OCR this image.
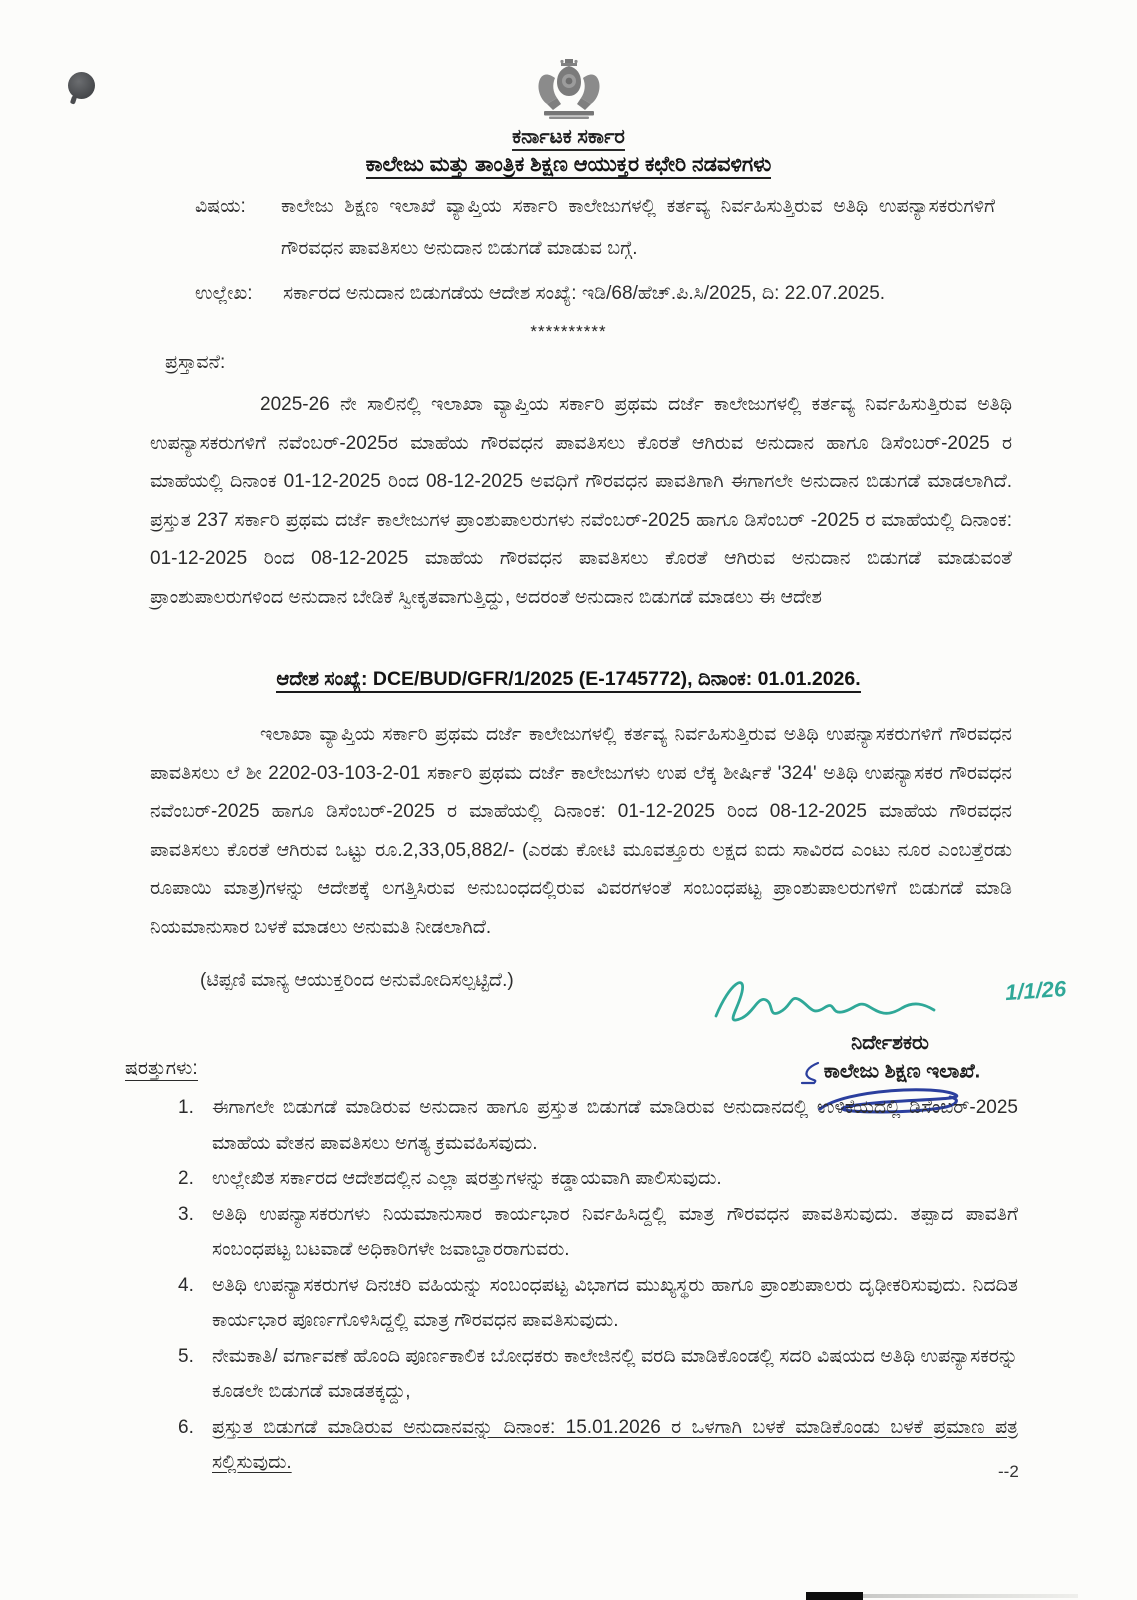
ಕರ್ನಾಟಕ ಸರ್ಕಾರ
ಕಾಲೇಜು ಮತ್ತು ತಾಂತ್ರಿಕ ಶಿಕ್ಷಣ ಆಯುಕ್ತರ ಕಛೇರಿ ನಡವಳಿಗಳು
ವಿಷಯ:	ಕಾಲೇಜು ಶಿಕ್ಷಣ ಇಲಾಖೆ ವ್ಯಾಪ್ತಿಯ ಸರ್ಕಾರಿ ಕಾಲೇಜುಗಳಲ್ಲಿ ಕರ್ತವ್ಯ ನಿರ್ವಹಿಸುತ್ತಿರುವ ಅತಿಥಿ ಉಪನ್ಯಾಸಕರುಗಳಿಗೆ ಗೌರವಧನ ಪಾವತಿಸಲು ಅನುದಾನ ಬಿಡುಗಡೆ ಮಾಡುವ ಬಗ್ಗೆ.
ಉಲ್ಲೇಖ:	ಸರ್ಕಾರದ ಅನುದಾನ ಬಿಡುಗಡೆಯ ಆದೇಶ ಸಂಖ್ಯೆ: ಇಡಿ/68/ಹೆಚ್.ಪಿ.ಸಿ/2025, ದಿ: 22.07.2025.
**********
ಪ್ರಸ್ತಾವನೆ:
2025-26 ನೇ ಸಾಲಿನಲ್ಲಿ ಇಲಾಖಾ ವ್ಯಾಪ್ತಿಯ ಸರ್ಕಾರಿ ಪ್ರಥಮ ದರ್ಜೆ ಕಾಲೇಜುಗಳಲ್ಲಿ ಕರ್ತವ್ಯ ನಿರ್ವಹಿಸುತ್ತಿರುವ ಅತಿಥಿ ಉಪನ್ಯಾಸಕರುಗಳಿಗೆ ನವೆಂಬರ್-2025ರ ಮಾಹೆಯ ಗೌರವಧನ ಪಾವತಿಸಲು ಕೊರತೆ ಆಗಿರುವ ಅನುದಾನ ಹಾಗೂ ಡಿಸೆಂಬರ್-2025 ರ ಮಾಹೆಯಲ್ಲಿ ದಿನಾಂಕ 01-12-2025 ರಿಂದ 08-12-2025 ಅವಧಿಗೆ ಗೌರವಧನ ಪಾವತಿಗಾಗಿ ಈಗಾಗಲೇ ಅನುದಾನ ಬಿಡುಗಡೆ ಮಾಡಲಾಗಿದೆ. ಪ್ರಸ್ತುತ 237 ಸರ್ಕಾರಿ ಪ್ರಥಮ ದರ್ಜೆ ಕಾಲೇಜುಗಳ ಪ್ರಾಂಶುಪಾಲರುಗಳು ನವೆಂಬರ್-2025 ಹಾಗೂ ಡಿಸೆಂಬರ್ -2025 ರ ಮಾಹೆಯಲ್ಲಿ ದಿನಾಂಕ: 01-12-2025 ರಿಂದ 08-12-2025 ಮಾಹೆಯ ಗೌರವಧನ ಪಾವತಿಸಲು ಕೊರತೆ ಆಗಿರುವ ಅನುದಾನ ಬಿಡುಗಡೆ ಮಾಡುವಂತೆ ಪ್ರಾಂಶುಪಾಲರುಗಳಿಂದ ಅನುದಾನ ಬೇಡಿಕೆ ಸ್ವೀಕೃತವಾಗುತ್ತಿದ್ದು, ಅದರಂತೆ ಅನುದಾನ ಬಿಡುಗಡೆ ಮಾಡಲು ಈ ಆದೇಶ
ಆದೇಶ ಸಂಖ್ಯೆ: DCE/BUD/GFR/1/2025 (E-1745772), ದಿನಾಂಕ: 01.01.2026.
ಇಲಾಖಾ ವ್ಯಾಪ್ತಿಯ ಸರ್ಕಾರಿ ಪ್ರಥಮ ದರ್ಜೆ ಕಾಲೇಜುಗಳಲ್ಲಿ ಕರ್ತವ್ಯ ನಿರ್ವಹಿಸುತ್ತಿರುವ ಅತಿಥಿ ಉಪನ್ಯಾಸಕರುಗಳಿಗೆ ಗೌರವಧನ ಪಾವತಿಸಲು ಲೆ ಶೀ 2202-03-103-2-01 ಸರ್ಕಾರಿ ಪ್ರಥಮ ದರ್ಜೆ ಕಾಲೇಜುಗಳು ಉಪ ಲೆಕ್ಕ ಶೀರ್ಷಿಕೆ '324' ಅತಿಥಿ ಉಪನ್ಯಾಸಕರ ಗೌರವಧನ ನವೆಂಬರ್-2025 ಹಾಗೂ ಡಿಸೆಂಬರ್-2025 ರ ಮಾಹೆಯಲ್ಲಿ ದಿನಾಂಕ: 01-12-2025 ರಿಂದ 08-12-2025 ಮಾಹೆಯ ಗೌರವಧನ ಪಾವತಿಸಲು ಕೊರತೆ ಆಗಿರುವ ಒಟ್ಟು ರೂ.2,33,05,882/- (ಎರಡು ಕೋಟಿ ಮೂವತ್ತೂರು ಲಕ್ಷದ ಐದು ಸಾವಿರದ ಎಂಟು ನೂರ ಎಂಬತ್ತೆರಡು ರೂಪಾಯಿ ಮಾತ್ರ)ಗಳನ್ನು ಆದೇಶಕ್ಕೆ ಲಗತ್ತಿಸಿರುವ ಅನುಬಂಧದಲ್ಲಿರುವ ವಿವರಗಳಂತೆ ಸಂಬಂಧಪಟ್ಟ ಪ್ರಾಂಶುಪಾಲರುಗಳಿಗೆ ಬಿಡುಗಡೆ ಮಾಡಿ ನಿಯಮಾನುಸಾರ ಬಳಕೆ ಮಾಡಲು ಅನುಮತಿ ನೀಡಲಾಗಿದೆ.
(ಟಿಪ್ಪಣಿ ಮಾನ್ಯ ಆಯುಕ್ತರಿಂದ ಅನುಮೋದಿಸಲ್ಪಟ್ಟಿದೆ.)	1/1/26
ನಿರ್ದೇಶಕರು
ಕಾಲೇಜು ಶಿಕ್ಷಣ ಇಲಾಖೆ.
ಷರತ್ತುಗಳು:
1. ಈಗಾಗಲೇ ಬಿಡುಗಡೆ ಮಾಡಿರುವ ಅನುದಾನ ಹಾಗೂ ಪ್ರಸ್ತುತ ಬಿಡುಗಡೆ ಮಾಡಿರುವ ಅನುದಾನದಲ್ಲಿ ಉಳಿಕೆಯದಲ್ಲಿ ಡಿಸೆಂಬರ್-2025 ಮಾಹೆಯ ವೇತನ ಪಾವತಿಸಲು ಅಗತ್ಯ ಕ್ರಮವಹಿಸವುದು.
2. ಉಲ್ಲೇಖಿತ ಸರ್ಕಾರದ ಆದೇಶದಲ್ಲಿನ ಎಲ್ಲಾ ಷರತ್ತುಗಳನ್ನು ಕಡ್ಡಾಯವಾಗಿ ಪಾಲಿಸುವುದು.
3. ಅತಿಥಿ ಉಪನ್ಯಾಸಕರುಗಳು ನಿಯಮಾನುಸಾರ ಕಾರ್ಯಭಾರ ನಿರ್ವಹಿಸಿದ್ದಲ್ಲಿ ಮಾತ್ರ ಗೌರವಧನ ಪಾವತಿಸುವುದು. ತಪ್ಪಾದ ಪಾವತಿಗೆ ಸಂಬಂಧಪಟ್ಟ ಬಟವಾಡೆ ಅಧಿಕಾರಿಗಳೇ ಜವಾಬ್ದಾರರಾಗುವರು.
4. ಅತಿಥಿ ಉಪನ್ಯಾಸಕರುಗಳ ದಿನಚರಿ ವಹಿಯನ್ನು ಸಂಬಂಧಪಟ್ಟ ವಿಭಾಗದ ಮುಖ್ಯಸ್ಥರು ಹಾಗೂ ಪ್ರಾಂಶುಪಾಲರು ದೃಢೀಕರಿಸುವುದು. ನಿದದಿತ ಕಾರ್ಯಭಾರ ಪೂರ್ಣಗೊಳಿಸಿದ್ದಲ್ಲಿ ಮಾತ್ರ ಗೌರವಧನ ಪಾವತಿಸುವುದು.
5. ನೇಮಕಾತಿ/ ವರ್ಗಾವಣೆ ಹೊಂದಿ ಪೂರ್ಣಕಾಲಿಕ ಬೋಧಕರು ಕಾಲೇಜಿನಲ್ಲಿ ವರದಿ ಮಾಡಿಕೊಂಡಲ್ಲಿ ಸದರಿ ವಿಷಯದ ಅತಿಥಿ ಉಪನ್ಯಾಸಕರನ್ನು ಕೂಡಲೇ ಬಿಡುಗಡೆ ಮಾಡತಕ್ಕದ್ದು,
6. ಪ್ರಸ್ತುತ ಬಿಡುಗಡೆ ಮಾಡಿರುವ ಅನುದಾನವನ್ನು ದಿನಾಂಕ: 15.01.2026 ರ ಒಳಗಾಗಿ ಬಳಕೆ ಮಾಡಿಕೊಂಡು ಬಳಕೆ ಪ್ರಮಾಣ ಪತ್ರ ಸಲ್ಲಿಸುವುದು.	--2
